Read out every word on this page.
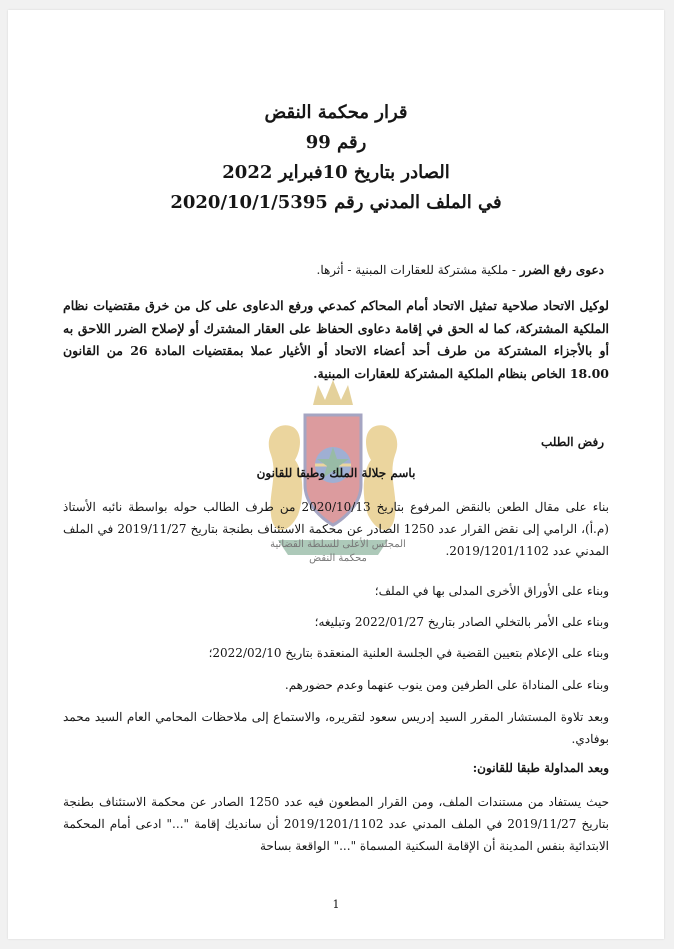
قرار محكمة النقض
رقم 99
الصادر بتاريخ 10فبراير 2022
في الملف المدني رقم 2020/10/1/5395
المجلس الأعلى للسلطة القضائية
محكمة النقض
دعوى رفع الضرر - ملكية مشتركة للعقارات المبنية - أثرها.
لوكيل الاتحاد صلاحية تمثيل الاتحاد أمام المحاكم كمدعي ورفع الدعاوى على كل من خرق مقتضيات نظام الملكية المشتركة، كما له الحق في إقامة دعاوى الحفاظ على العقار المشترك أو لإصلاح الضرر اللاحق به أو بالأجزاء المشتركة من طرف أحد أعضاء الاتحاد أو الأغيار عملا بمقتضيات المادة 26 من القانون 18.00 الخاص بنظام الملكية المشتركة للعقارات المبنية.
رفض الطلب
باسم جلالة الملك وطبقا للقانون
بناء على مقال الطعن بالنقض المرفوع بتاريخ 2020/10/13 من طرف الطالب حوله بواسطة نائبه الأستاذ (م.أ)، الرامي إلى نقض القرار عدد 1250 الصادر عن محكمة الاستئناف بطنجة بتاريخ 2019/11/27 في الملف المدني عدد 2019/1201/1102.
وبناء على الأوراق الأخرى المدلى بها في الملف؛
وبناء على الأمر بالتخلي الصادر بتاريخ 2022/01/27 وتبليغه؛
وبناء على الإعلام بتعيين القضية في الجلسة العلنية المنعقدة بتاريخ 2022/02/10؛
وبناء على المناداة على الطرفين ومن ينوب عنهما وعدم حضورهم.
وبعد تلاوة المستشار المقرر السيد إدريس سعود لتقريره، والاستماع إلى ملاحظات المحامي العام السيد محمد بوفادي.
وبعد المداولة طبقا للقانون:
حيث يستفاد من مستندات الملف، ومن القرار المطعون فيه عدد 1250 الصادر عن محكمة الاستئناف بطنجة بتاريخ 2019/11/27 في الملف المدني عدد 2019/1201/1102 أن سانديك إقامة "..." ادعى أمام المحكمة الابتدائية بنفس المدينة أن الإقامة السكنية المسماة "..." الواقعة بساحة
1
